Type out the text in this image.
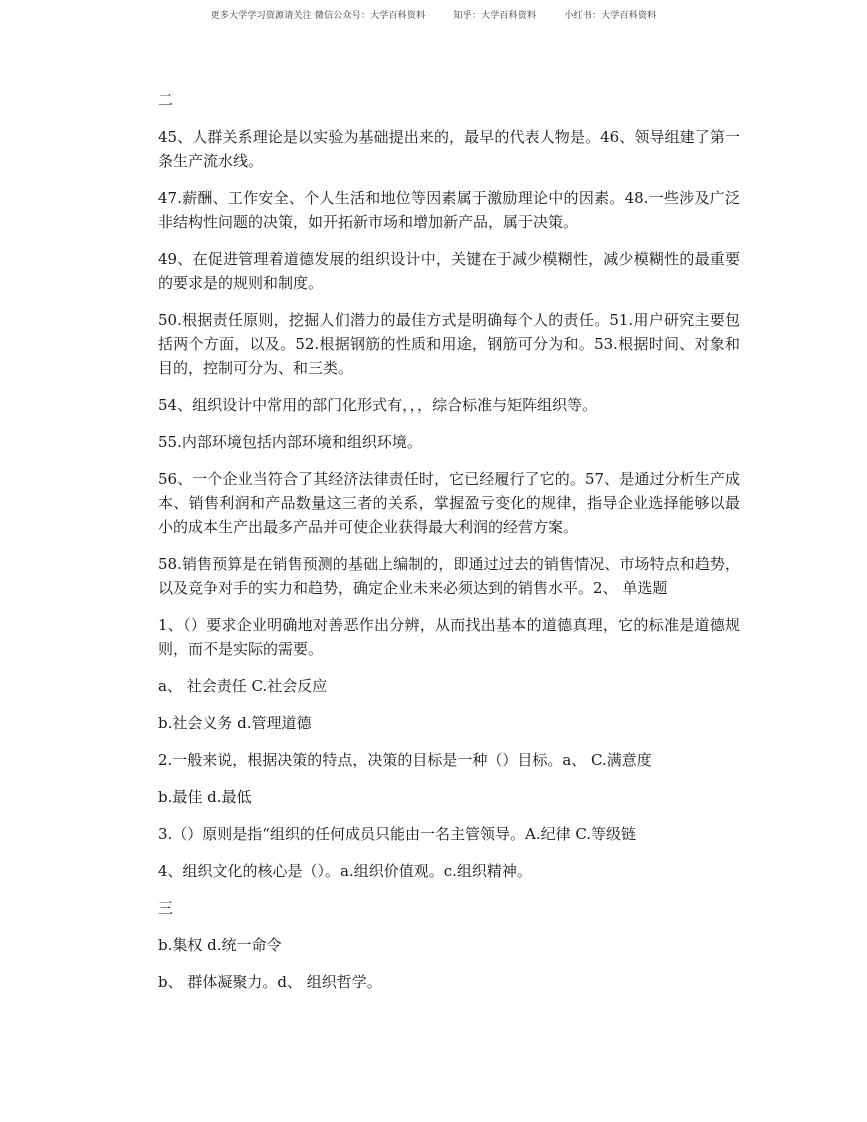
更多大学学习资源请关注 微信公众号：大学百科资料	知乎：大学百科资料	小红书：大学百科资料

二

45、人群关系理论是以实验为基础提出来的，最早的代表人物是。46、领导组建了第一条生产流水线。

47.薪酬、工作安全、个人生活和地位等因素属于激励理论中的因素。48.一些涉及广泛非结构性问题的决策，如开拓新市场和增加新产品，属于决策。

49、在促进管理着道德发展的组织设计中，关键在于减少模糊性，减少模糊性的最重要的要求是的规则和制度。

50.根据责任原则，挖掘人们潜力的最佳方式是明确每个人的责任。51.用户研究主要包括两个方面，以及。52.根据钢筋的性质和用途，钢筋可分为和。53.根据时间、对象和目的，控制可分为、和三类。

54、组织设计中常用的部门化形式有，，，综合标准与矩阵组织等。

55.内部环境包括内部环境和组织环境。

56、一个企业当符合了其经济法律责任时，它已经履行了它的。57、是通过分析生产成本、销售利润和产品数量这三者的关系，掌握盈亏变化的规律，指导企业选择能够以最小的成本生产出最多产品并可使企业获得最大利润的经营方案。

58.销售预算是在销售预测的基础上编制的，即通过过去的销售情况、市场特点和趋势，以及竞争对手的实力和趋势，确定企业未来必须达到的销售水平。2、 单选题

1、（）要求企业明确地对善恶作出分辨，从而找出基本的道德真理，它的标准是道德规则，而不是实际的需要。

a、 社会责任 C.社会反应

b.社会义务 d.管理道德

2.一般来说，根据决策的特点，决策的目标是一种（）目标。a、 C.满意度

b.最佳 d.最低

3.（）原则是指“组织的任何成员只能由一名主管领导。A.纪律 C.等级链

4、组织文化的核心是（）。a.组织价值观。c.组织精神。

三

b.集权 d.统一命令

b、 群体凝聚力。d、 组织哲学。
